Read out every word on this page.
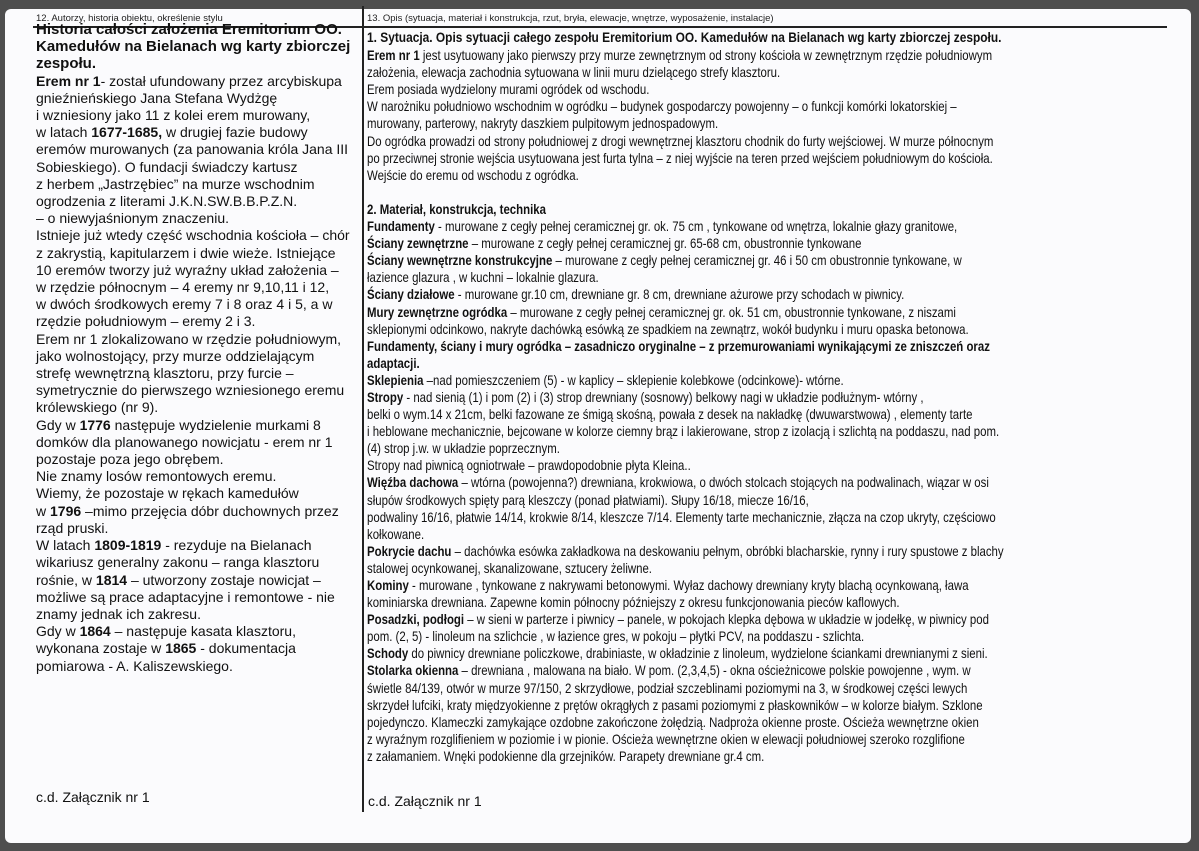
12. Autorzy, historia obiektu, określenie stylu	13. Opis (sytuacja, materiał i konstrukcja, rzut, bryła, elewacje, wnętrze, wyposażenie, instalacje)
Historia całości założenia Eremitorium OO.
Kamedułów na Bielanach wg karty zbiorczej
zespołu.
Erem nr 1- został ufundowany przez arcybiskupa
gnieźnieńskiego Jana Stefana Wydżgę
i wzniesiony jako 11 z kolei erem murowany,
w latach 1677-1685, w drugiej fazie budowy
eremów murowanych (za panowania króla Jana III
Sobieskiego). O fundacji świadczy kartusz
z herbem „Jastrzębiec” na murze wschodnim
ogrodzenia z literami J.K.N.SW.B.B.P.Z.N.
– o niewyjaśnionym znaczeniu.
Istnieje już wtedy część wschodnia kościoła – chór
z zakrystią, kapitularzem i dwie wieże. Istniejące
10 eremów tworzy już wyraźny układ założenia –
w rzędzie północnym – 4 eremy nr 9,10,11 i 12,
w dwóch środkowych eremy 7 i 8 oraz 4 i 5, a w
rzędzie południowym – eremy 2 i 3.
Erem nr 1 zlokalizowano w rzędzie południowym,
jako wolnostojący, przy murze oddzielającym
strefę wewnętrzną klasztoru, przy furcie –
symetrycznie do pierwszego wzniesionego eremu
królewskiego (nr 9).
Gdy w 1776 następuje wydzielenie murkami 8
domków dla planowanego nowicjatu - erem nr 1
pozostaje poza jego obrębem.
Nie znamy losów remontowych eremu.
Wiemy, że pozostaje w rękach kamedułów
w 1796 –mimo przejęcia dóbr duchownych przez
rząd pruski.
W latach 1809-1819 - rezyduje na Bielanach
wikariusz generalny zakonu – ranga klasztoru
rośnie, w 1814 – utworzony zostaje nowicjat –
możliwe są prace adaptacyjne i remontowe - nie
znamy jednak ich zakresu.
Gdy w 1864 – następuje kasata klasztoru,
wykonana zostaje w 1865 - dokumentacja
pomiarowa - A. Kaliszewskiego.
1. Sytuacja. Opis sytuacji całego zespołu Eremitorium OO. Kamedułów na Bielanach wg karty zbiorczej zespołu.
Erem nr 1 jest usytuowany jako pierwszy przy murze zewnętrznym od strony kościoła w zewnętrznym rzędzie południowym
założenia, elewacja zachodnia sytuowana w linii muru dzielącego strefy klasztoru.
Erem posiada wydzielony murami ogródek od wschodu.
W narożniku południowo wschodnim w ogródku – budynek gospodarczy powojenny – o funkcji komórki lokatorskiej –
murowany, parterowy, nakryty daszkiem pulpitowym jednospadowym.
Do ogródka prowadzi od strony południowej z drogi wewnętrznej klasztoru chodnik do furty wejściowej. W murze północnym
po przeciwnej stronie wejścia usytuowana jest furta tylna – z niej wyjście na teren przed wejściem południowym do kościoła.
Wejście do eremu od wschodu z ogródka.
2. Materiał, konstrukcja, technika
Fundamenty - murowane z cegły pełnej ceramicznej gr. ok. 75 cm , tynkowane od wnętrza, lokalnie głazy granitowe,
Ściany zewnętrzne – murowane z cegły pełnej ceramicznej gr. 65-68 cm, obustronnie tynkowane
Ściany wewnętrzne konstrukcyjne – murowane z cegły pełnej ceramicznej gr. 46 i 50 cm obustronnie tynkowane, w
łazience glazura , w kuchni – lokalnie glazura.
Ściany działowe - murowane gr.10 cm, drewniane gr. 8 cm, drewniane ażurowe przy schodach w piwnicy.
Mury zewnętrzne ogródka – murowane z cegły pełnej ceramicznej gr. ok. 51 cm, obustronnie tynkowane, z niszami
sklepionymi odcinkowo, nakryte dachówką esówką ze spadkiem na zewnątrz, wokół budynku i muru opaska betonowa.
Fundamenty, ściany i mury ogródka – zasadniczo oryginalne – z przemurowaniami wynikającymi ze zniszczeń oraz
adaptacji.
Sklepienia –nad pomieszczeniem (5) - w kaplicy – sklepienie kolebkowe (odcinkowe)- wtórne.
Stropy - nad sienią (1) i pom (2) i (3) strop drewniany (sosnowy) belkowy nagi w układzie podłużnym- wtórny ,
belki o wym.14 x 21cm, belki fazowane ze śmigą skośną, powała z desek na nakładkę (dwuwarstwowa) , elementy tarte
i heblowane mechanicznie, bejcowane w kolorze ciemny brąz i lakierowane, strop z izolacją i szlichtą na poddaszu, nad pom.
(4) strop j.w. w układzie poprzecznym.
Stropy nad piwnicą ogniotrwałe – prawdopodobnie płyta Kleina..
Więźba dachowa – wtórna (powojenna?) drewniana, krokwiowa, o dwóch stolcach stojących na podwalinach, wiązar w osi
słupów środkowych spięty parą kleszczy (ponad płatwiami). Słupy 16/18, miecze 16/16,
podwaliny 16/16, płatwie 14/14, krokwie 8/14, kleszcze 7/14. Elementy tarte mechanicznie, złącza na czop ukryty, częściowo
kołkowane.
Pokrycie dachu – dachówka esówka zakładkowa na deskowaniu pełnym, obróbki blacharskie, rynny i rury spustowe z blachy
stalowej ocynkowanej, skanalizowane, sztucery żeliwne.
Kominy - murowane , tynkowane z nakrywami betonowymi. Wyłaz dachowy drewniany kryty blachą ocynkowaną, ława
kominiarska drewniana. Zapewne komin północny późniejszy z okresu funkcjonowania pieców kaflowych.
Posadzki, podłogi – w sieni w parterze i piwnicy – panele, w pokojach klepka dębowa w układzie w jodełkę, w piwnicy pod
pom. (2, 5) - linoleum na szlichcie , w łazience gres, w pokoju – płytki PCV, na poddaszu - szlichta.
Schody do piwnicy drewniane policzkowe, drabiniaste, w okładzinie z linoleum, wydzielone ściankami drewnianymi z sieni.
Stolarka okienna – drewniana , malowana na biało. W pom. (2,3,4,5) - okna ościeżnicowe polskie powojenne , wym. w
świetle 84/139, otwór w murze 97/150, 2 skrzydłowe, podział szczeblinami poziomymi na 3, w środkowej części lewych
skrzydeł lufciki, kraty międzyokienne z prętów okrągłych z pasami poziomymi z płaskowników – w kolorze białym. Szklone
pojedynczo. Klameczki zamykające ozdobne zakończone żołędzią. Nadproża okienne proste. Ościeża wewnętrzne okien
z wyraźnym rozglifieniem w poziomie i w pionie. Ościeża wewnętrzne okien w elewacji południowej szeroko rozglifione
z załamaniem. Wnęki podokienne dla grzejników. Parapety drewniane gr.4 cm.
c.d. Załącznik nr 1	c.d. Załącznik nr 1
